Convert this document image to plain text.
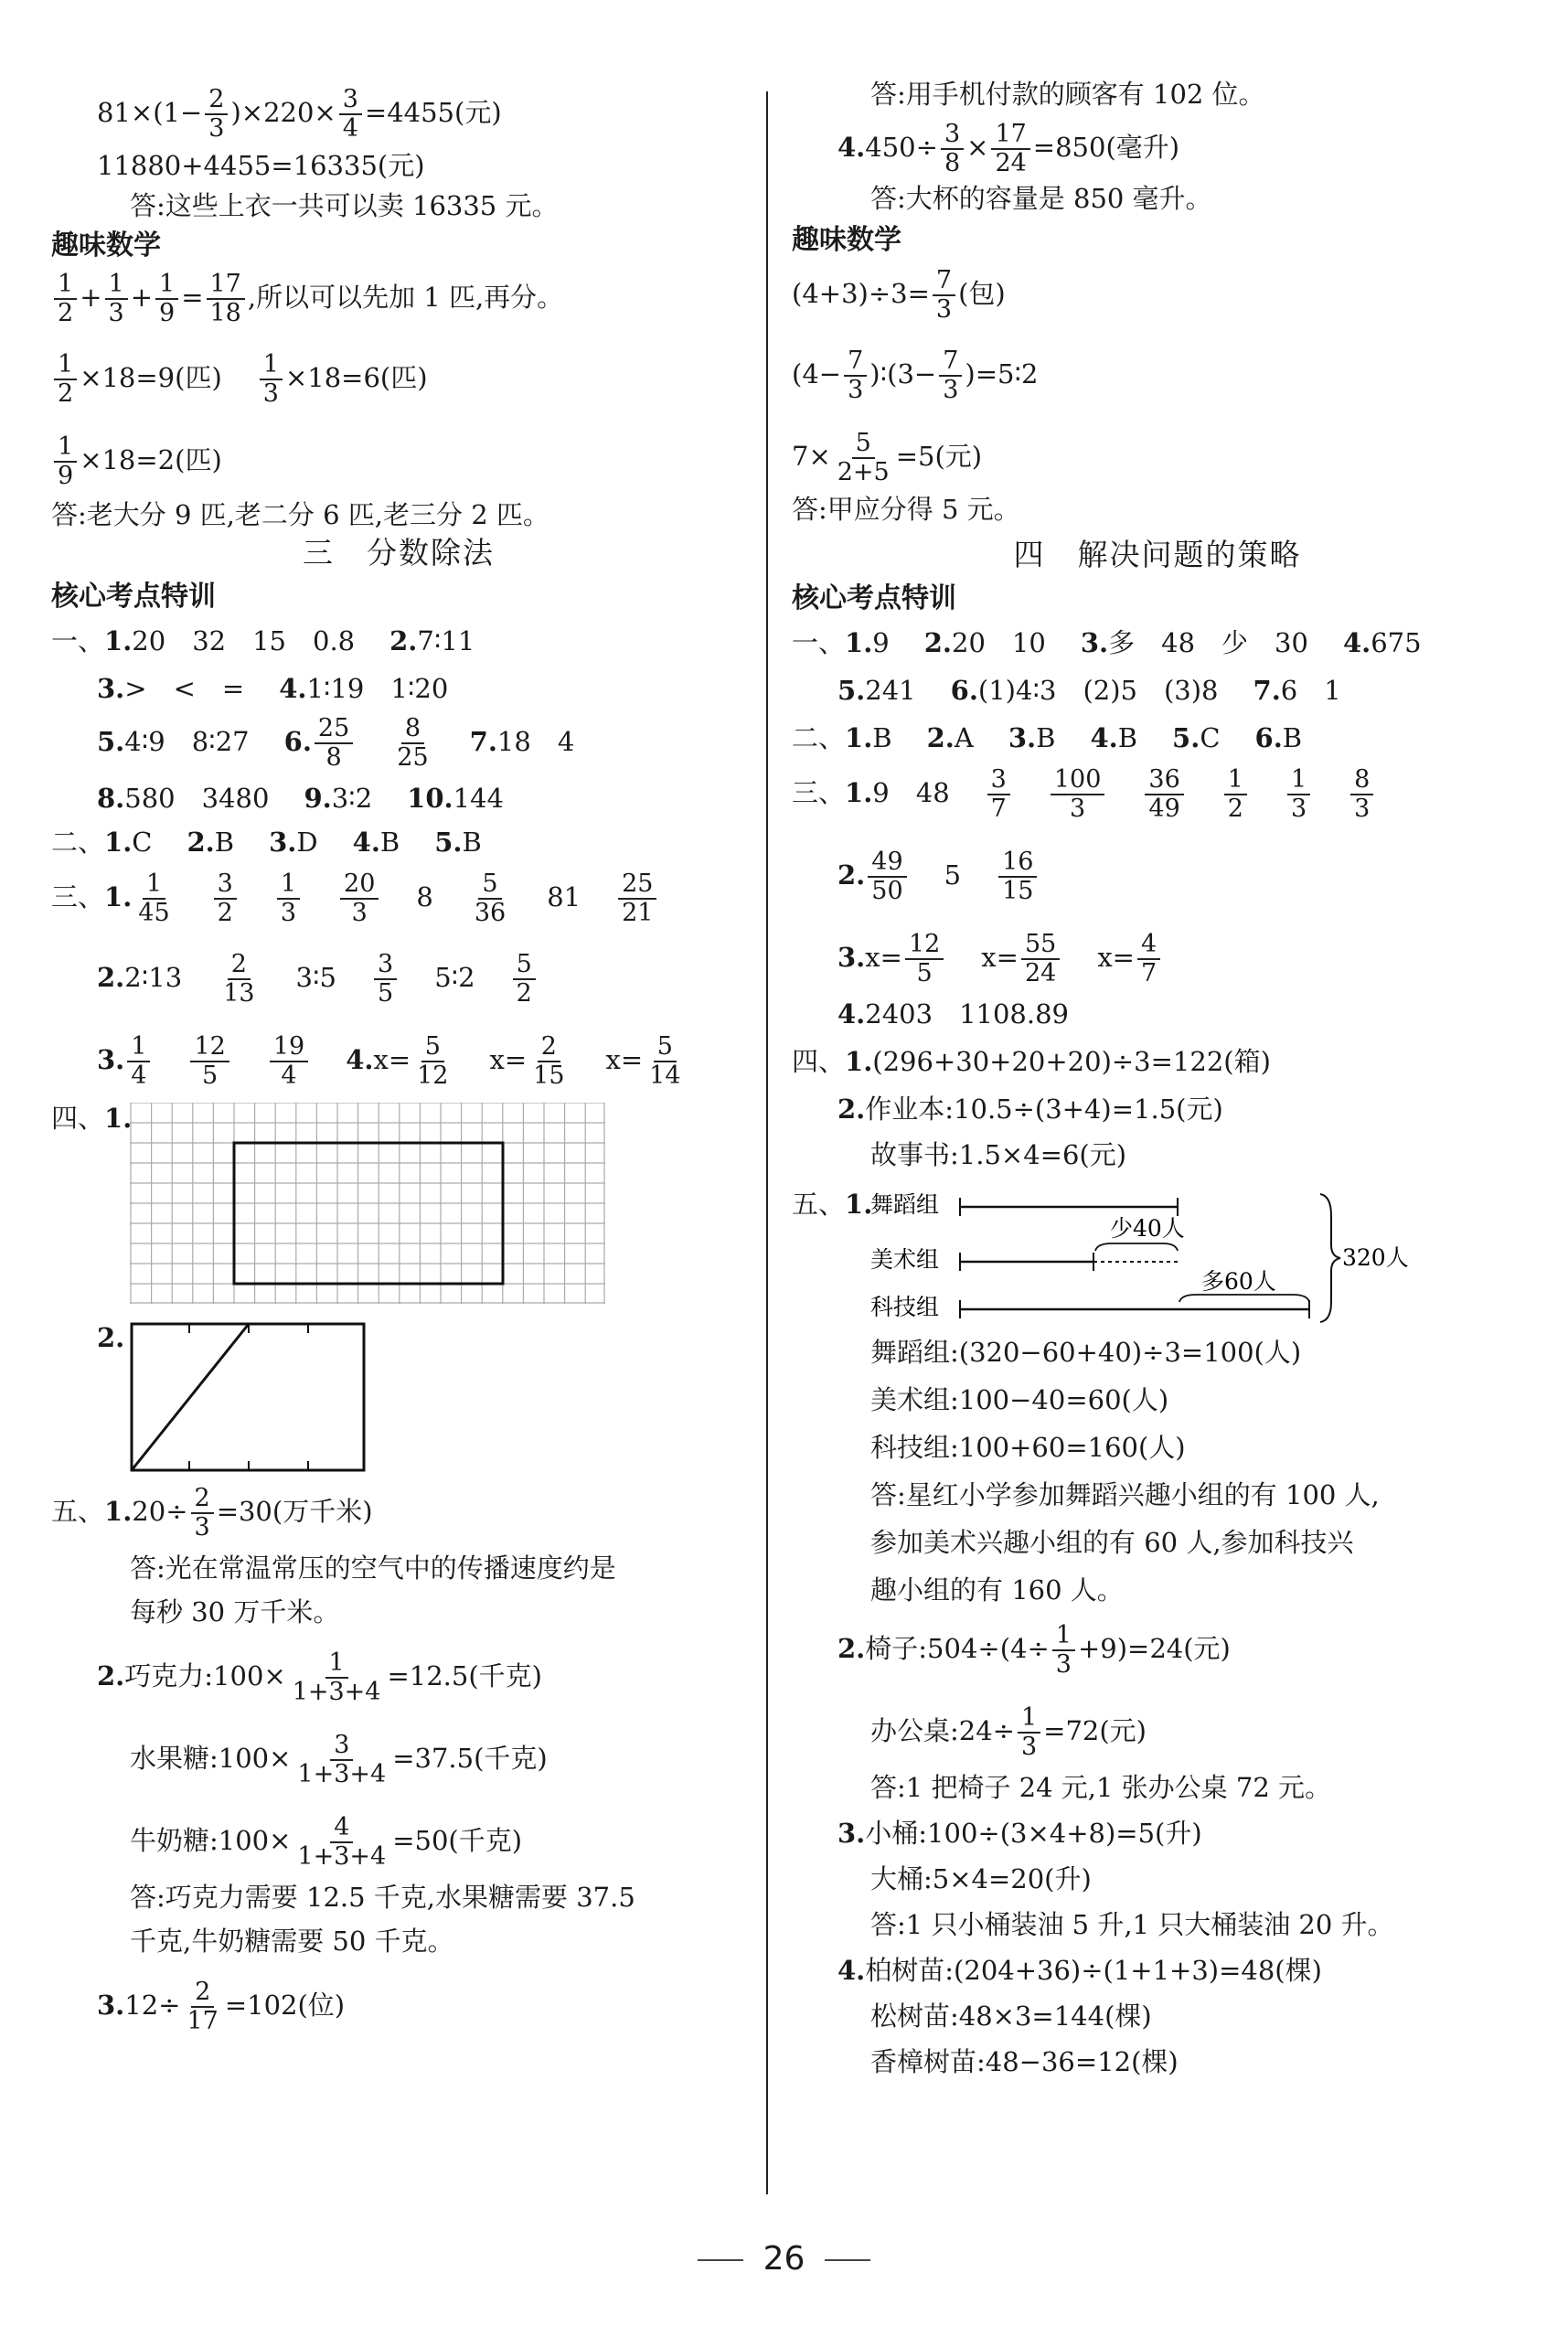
$81\times(1- \frac{2}{3} )\times 220\times \frac{3}{4} =4455$(元)
11880+4455=16335(元)
答:这些上衣一共可以卖 16335 元。
趣味数学
$\frac{1}{2} + \frac{1}{3} + \frac{1}{9} = \frac{17}{18}$ ,所以可以先加 1 匹,再分。
$\frac{1}{2} \times 18=9$(匹) $\frac{1}{3} \times 18=6$(匹)
$\frac{1}{9} \times 18=2$(匹)
答:老大分 9 匹,老二分 6 匹,老三分 2 匹。
三　分数除法
核心考点特训
一、1.20　32　15　0.8 2.7∶11
3.>　<　= 4.1∶19　1∶20
5.4∶9　8∶27 6. $\frac{25}{8} \frac{8}{25} 7.18$　4
8.580　3480 9.3∶2 10.144
二、1.C 2.B 3.D 4.B 5.B
三、1. $\frac{1}{45} \frac{3}{2} \frac{1}{3} \frac{20}{3} 8 \frac{5}{36} 81 \frac{25}{21}$
2.2∶13 $\frac{2}{13}$ 3∶5 $\frac{3}{5}$ 5∶2 $\frac{5}{2}$
3. $\frac{1}{4} \frac{12}{5} \frac{19}{4} 4.x= \frac{5}{12} x= \frac{2}{15} x= \frac{5}{14}$
四、1.
2.
五、$1.20\div \frac{2}{3} =30$(万千米)
答:光在常温常压的空气中的传播速度约是
每秒 30 万千米。
2.巧克力:100× $\frac{1}{1+3+4} =12.5$(千克)
水果糖:100× $\frac{3}{1+3+4} =37.5$(千克)
牛奶糖:100× $\frac{4}{1+3+4} =50$(千克)
答:巧克力需要 12.5 千克,水果糖需要 37.5
千克,牛奶糖需要 50 千克。
$3.12\div \frac{2}{17} =102$(位)
答:用手机付款的顾客有 102 位。
$4.450\div \frac{3}{8} \times \frac{17}{24} =850$(毫升)
答:大杯的容量是 850 毫升。
趣味数学
$(4+3)\div 3= \frac{7}{3}$ (包)
($4- \frac{7}{3}$ )∶(3− $\frac{7}{3}$ )=5∶2
$7\times \frac{5}{2+5} =5$(元)
答:甲应分得 5 元。
四　解决问题的策略
核心考点特训
一、1.9 2.20　10 3.多　48　少　30 4.675
5.241 6.(1)4∶3　(2)5　(3)8 7.6　1
二、1.B 2.A 3.B 4.B 5.C 6.B
三、1.9　$48 \frac{3}{7} \frac{100}{3} \frac{36}{49} \frac{1}{2} \frac{1}{3} \frac{8}{3}$
2. $\frac{49}{50} 5 \frac{16}{15}$
$3.x= \frac{12}{5} x= \frac{55}{24} x= \frac{4}{7}$
4.2403　1108.89
四、1.(296+30+20+20)÷3=122(箱)
2.作业本:10.5÷(3+4)=1.5(元)
故事书:1.5×4=6(元)
五、1.
舞蹈组
美术组
科技组
少40人
多60人
320人
舞蹈组:(320−60+40)÷3=100(人)
美术组:100−40=60(人)
科技组:100+60=160(人)
答:星红小学参加舞蹈兴趣小组的有 100 人,
参加美术兴趣小组的有 60 人,参加科技兴
趣小组的有 160 人。
2.椅子:504÷(4÷ $\frac{1}{3} +9)=24$(元)
办公桌:24÷ $\frac{1}{3} =72$(元)
答:1 把椅子 24 元,1 张办公桌 72 元。
3.小桶:100÷(3×4+8)=5(升)
大桶:5×4=20(升)
答:1 只小桶装油 5 升,1 只大桶装油 20 升。
4.柏树苗:(204+36)÷(1+1+3)=48(棵)
松树苗:48×3=144(棵)
香樟树苗:48−36=12(棵)
26
